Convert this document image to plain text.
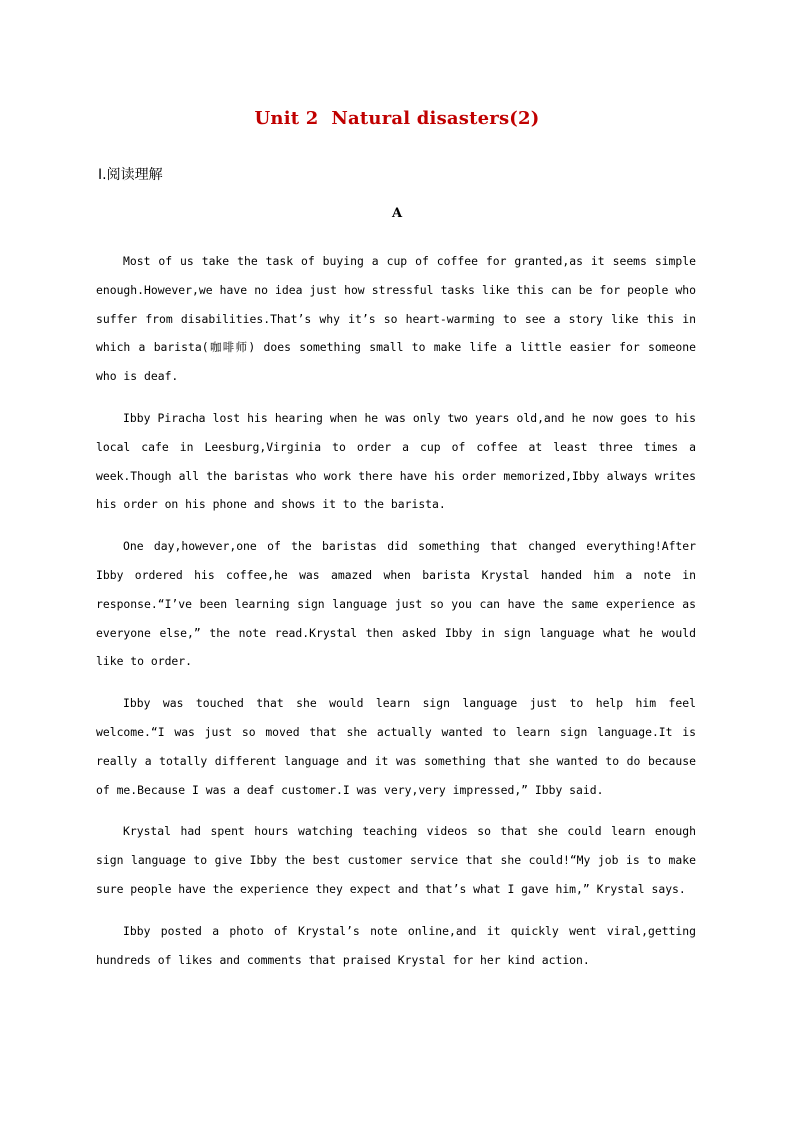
Unit 2  Natural disasters(2)
Ⅰ.阅读理解
A

Most of us take the task of buying a cup of coffee for granted,as it seems simple enough.However,we have no idea just how stressful tasks like this can be for people who suffer from disabilities.That’s why it’s so heart-warming to see a story like this in which a barista(咖啡师) does something small to make life a little easier for someone who is deaf.

Ibby Piracha lost his hearing when he was only two years old,and he now goes to his local cafe in Leesburg,Virginia to order a cup of coffee at least three times a week.Though all the baristas who work there have his order memorized,Ibby always writes his order on his phone and shows it to the barista.

One day,however,one of the baristas did something that changed everything!After Ibby ordered his coffee,he was amazed when barista Krystal handed him a note in response.“I’ve been learning sign language just so you can have the same experience as everyone else,” the note read.Krystal then asked Ibby in sign language what he would like to order.

Ibby was touched that she would learn sign language just to help him feel welcome.“I was just so moved that she actually wanted to learn sign language.It is really a totally different language and it was something that she wanted to do because of me.Because I was a deaf customer.I was very,very impressed,” Ibby said.

Krystal had spent hours watching teaching videos so that she could learn enough sign language to give Ibby the best customer service that she could!“My job is to make sure people have the experience they expect and that’s what I gave him,” Krystal says.

Ibby posted a photo of Krystal’s note online,and it quickly went viral,getting hundreds of likes and comments that praised Krystal for her kind action.
